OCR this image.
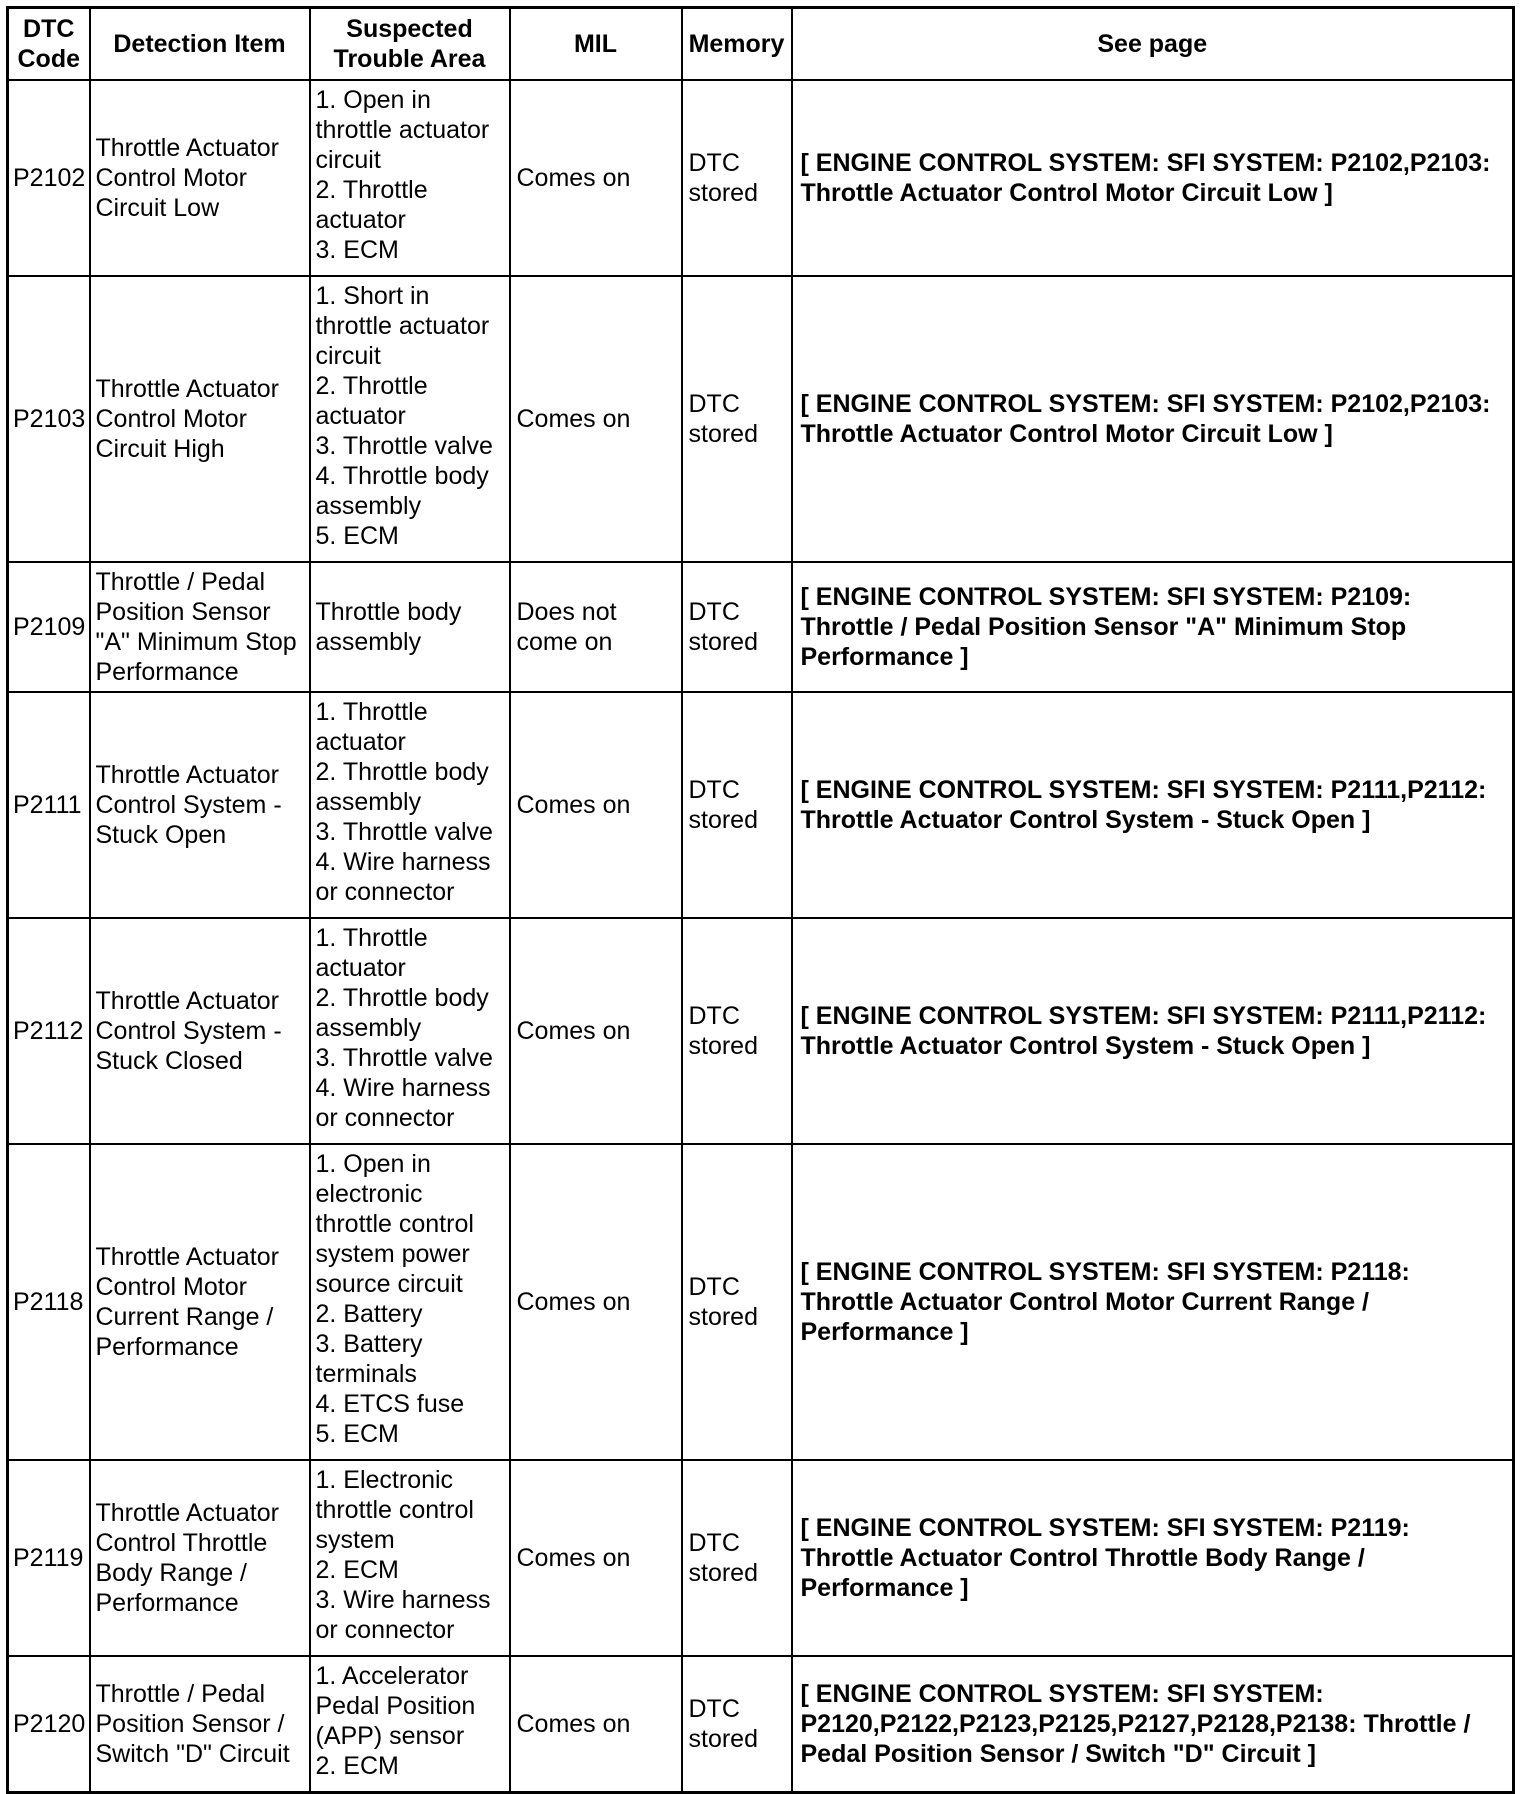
DTC Code	Detection Item	Suspected Trouble Area	MIL	Memory	See page
P2102	Throttle Actuator Control Motor Circuit Low	1. Open in throttle actuator circuit
2. Throttle actuator
3. ECM	Comes on	DTC stored	[ ENGINE CONTROL SYSTEM: SFI SYSTEM: P2102,P2103: Throttle Actuator Control Motor Circuit Low ]
P2103	Throttle Actuator Control Motor Circuit High	1. Short in throttle actuator circuit
2. Throttle actuator
3. Throttle valve
4. Throttle body assembly
5. ECM	Comes on	DTC stored	[ ENGINE CONTROL SYSTEM: SFI SYSTEM: P2102,P2103: Throttle Actuator Control Motor Circuit Low ]
P2109	Throttle / Pedal Position Sensor "A" Minimum Stop Performance	Throttle body assembly	Does not come on	DTC stored	[ ENGINE CONTROL SYSTEM: SFI SYSTEM: P2109: Throttle / Pedal Position Sensor "A" Minimum Stop Performance ]
P2111	Throttle Actuator Control System - Stuck Open	1. Throttle actuator
2. Throttle body assembly
3. Throttle valve
4. Wire harness or connector	Comes on	DTC stored	[ ENGINE CONTROL SYSTEM: SFI SYSTEM: P2111,P2112: Throttle Actuator Control System - Stuck Open ]
P2112	Throttle Actuator Control System - Stuck Closed	1. Throttle actuator
2. Throttle body assembly
3. Throttle valve
4. Wire harness or connector	Comes on	DTC stored	[ ENGINE CONTROL SYSTEM: SFI SYSTEM: P2111,P2112: Throttle Actuator Control System - Stuck Open ]
P2118	Throttle Actuator Control Motor Current Range / Performance	1. Open in electronic throttle control system power source circuit
2. Battery
3. Battery terminals
4. ETCS fuse
5. ECM	Comes on	DTC stored	[ ENGINE CONTROL SYSTEM: SFI SYSTEM: P2118: Throttle Actuator Control Motor Current Range / Performance ]
P2119	Throttle Actuator Control Throttle Body Range / Performance	1. Electronic throttle control system
2. ECM
3. Wire harness or connector	Comes on	DTC stored	[ ENGINE CONTROL SYSTEM: SFI SYSTEM: P2119: Throttle Actuator Control Throttle Body Range / Performance ]
P2120	Throttle / Pedal Position Sensor / Switch "D" Circuit	1. Accelerator Pedal Position (APP) sensor
2. ECM	Comes on	DTC stored	[ ENGINE CONTROL SYSTEM: SFI SYSTEM: P2120,P2122,P2123,P2125,P2127,P2128,P2138: Throttle / Pedal Position Sensor / Switch "D" Circuit ]
